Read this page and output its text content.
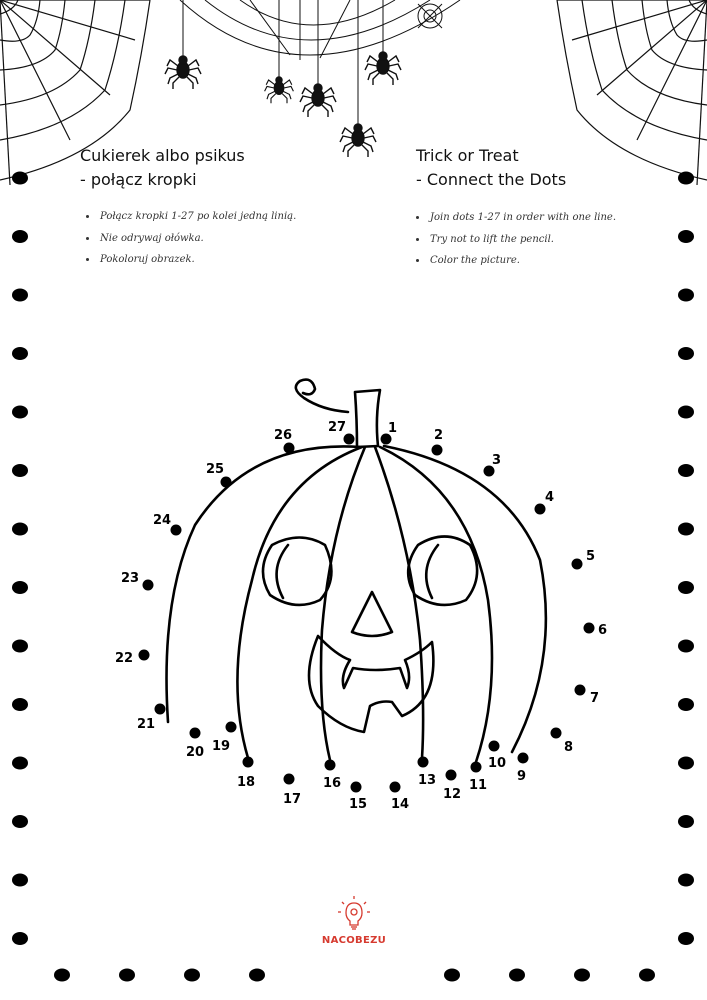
1	2
3
4
5
6
7
8
9
10
11
12
13
14
15
16
17
18
19
20
21
22
23
24
25
26
27
Cukierek albo psikus
- połącz kropki
Trick or Treat
- Connect the Dots
• Połącz kropki 1-27 po kolei jedną linią.
• Nie odrywaj ołówka.
• Pokoloruj obrazek.
• Join dots 1-27 in order with one line.
• Try not to lift the pencil.
• Color the picture.
NACOBEZU
